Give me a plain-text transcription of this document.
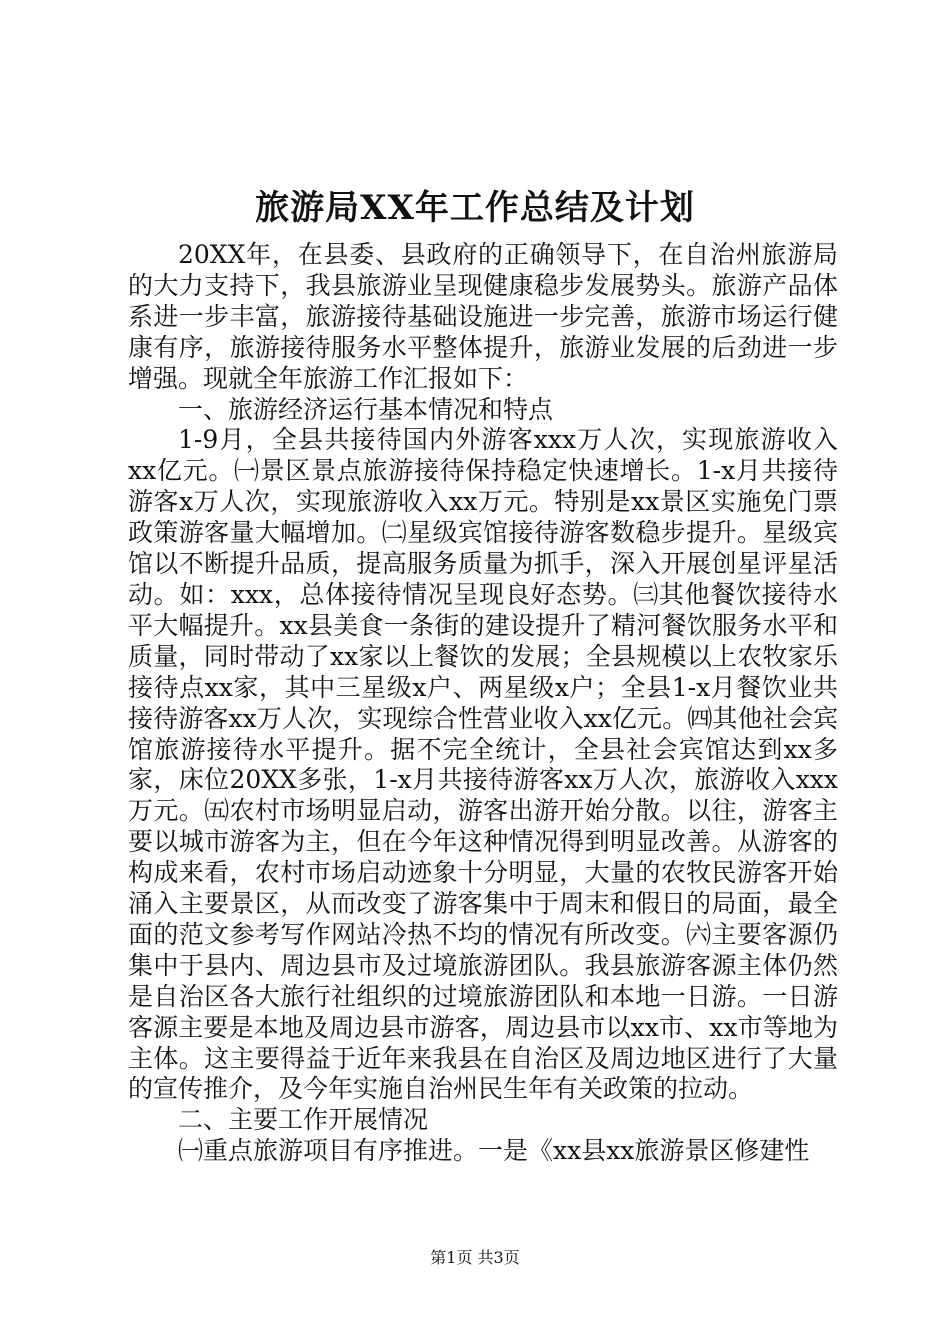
旅游局XX年工作总结及计划

20XX年，在县委、县政府的正确领导下，在自治州旅游局的大力支持下，我县旅游业呈现健康稳步发展势头。旅游产品体系进一步丰富，旅游接待基础设施进一步完善，旅游市场运行健康有序，旅游接待服务水平整体提升，旅游业发展的后劲进一步增强。现就全年旅游工作汇报如下：

一、旅游经济运行基本情况和特点

1-9月，全县共接待国内外游客xxx万人次，实现旅游收入xx亿元。㈠景区景点旅游接待保持稳定快速增长。1-x月共接待游客x万人次，实现旅游收入xx万元。特别是xx景区实施免门票政策游客量大幅增加。㈡星级宾馆接待游客数稳步提升。星级宾馆以不断提升品质，提高服务质量为抓手，深入开展创星评星活动。如：xxx，总体接待情况呈现良好态势。㈢其他餐饮接待水平大幅提升。xx县美食一条街的建设提升了精河餐饮服务水平和质量，同时带动了xx家以上餐饮的发展；全县规模以上农牧家乐接待点xx家，其中三星级x户、两星级x户；全县1-x月餐饮业共接待游客xx万人次，实现综合性营业收入xx亿元。㈣其他社会宾馆旅游接待水平提升。据不完全统计，全县社会宾馆达到xx多家，床位20XX多张，1-x月共接待游客xx万人次，旅游收入xxx万元。㈤农村市场明显启动，游客出游开始分散。以往，游客主要以城市游客为主，但在今年这种情况得到明显改善。从游客的构成来看，农村市场启动迹象十分明显，大量的农牧民游客开始涌入主要景区，从而改变了游客集中于周末和假日的局面，最全面的范文参考写作网站冷热不均的情况有所改变。㈥主要客源仍集中于县内、周边县市及过境旅游团队。我县旅游客源主体仍然是自治区各大旅行社组织的过境旅游团队和本地一日游。一日游客源主要是本地及周边县市游客，周边县市以xx市、xx市等地为主体。这主要得益于近年来我县在自治区及周边地区进行了大量的宣传推介，及今年实施自治州民生年有关政策的拉动。

二、主要工作开展情况

㈠重点旅游项目有序推进。一是《xx县xx旅游景区修建性

第1页 共3页
